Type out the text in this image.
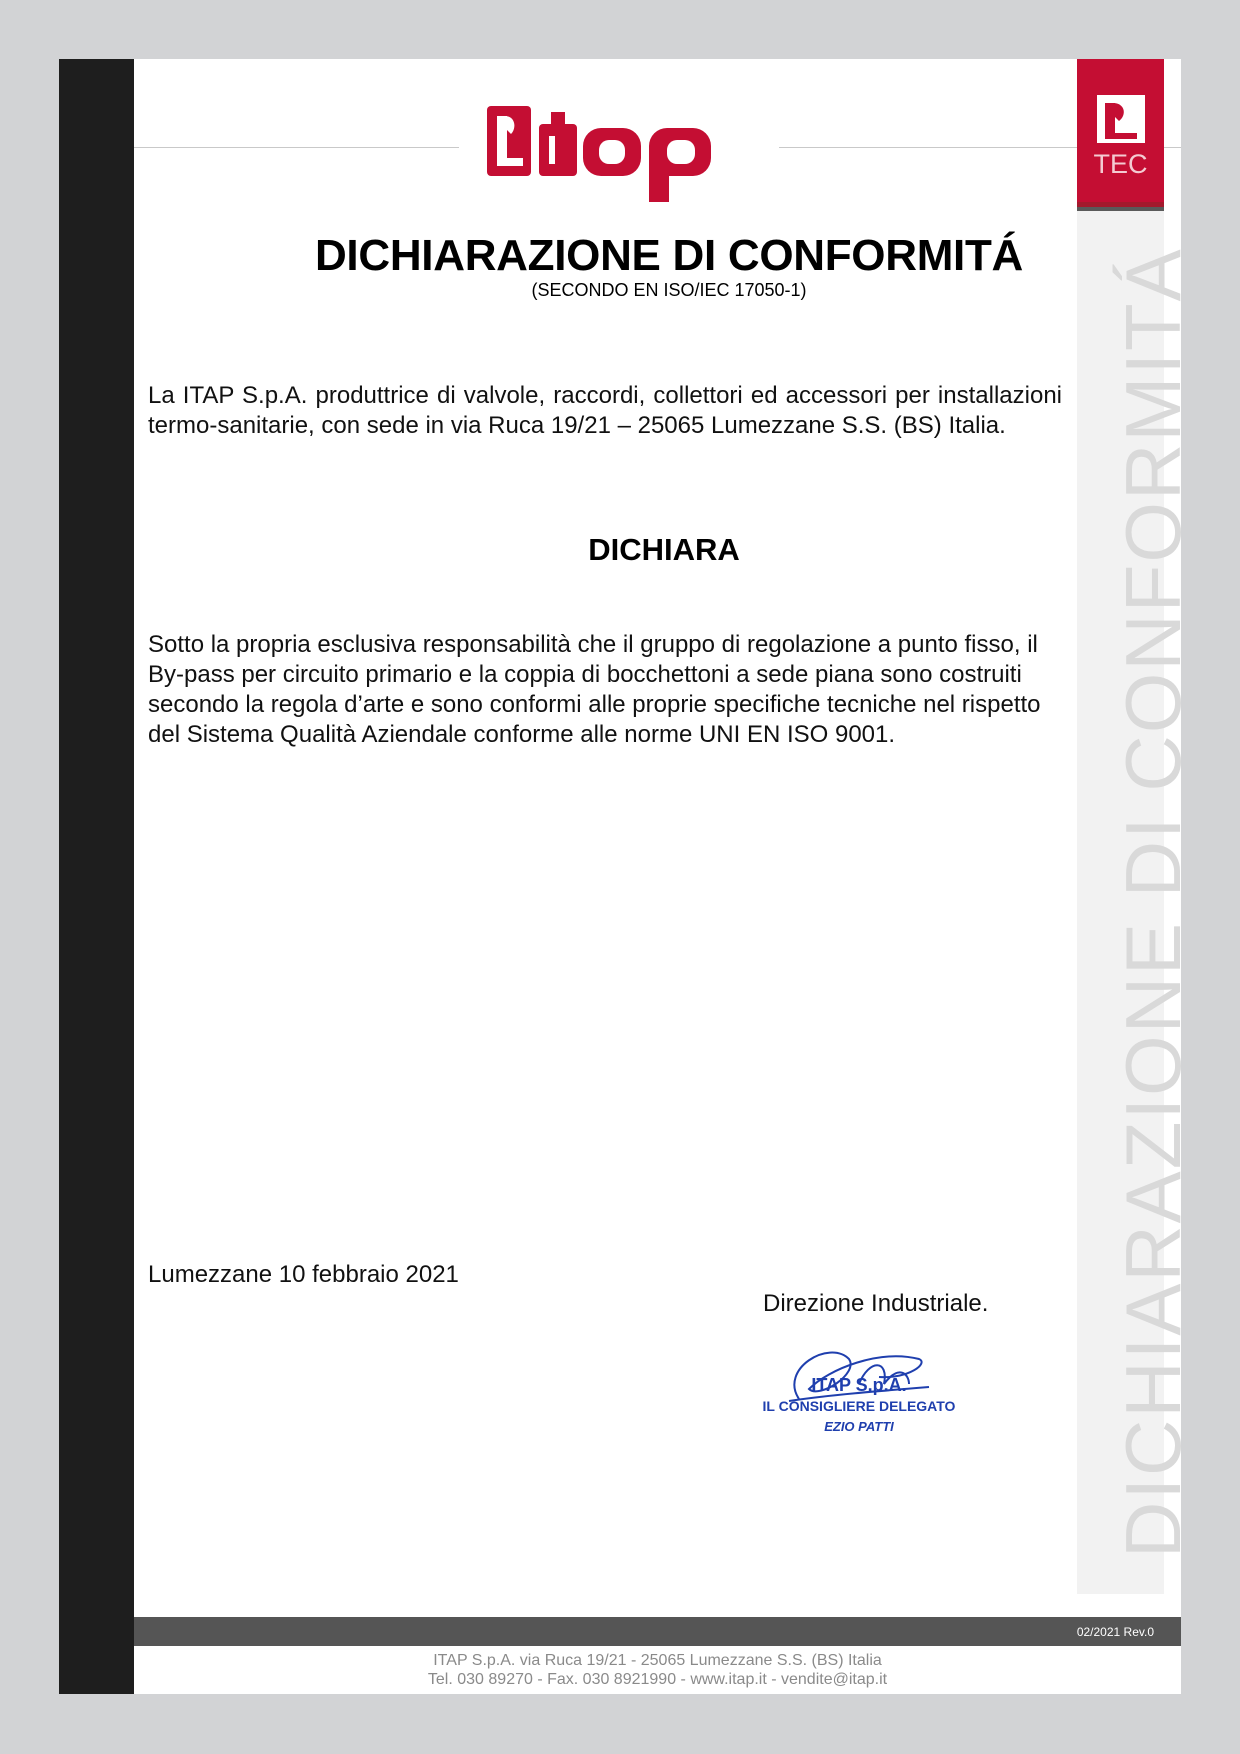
TEC
DICHIARAZIONE DI CONFORMITÁ
(SECONDO EN ISO/IEC 17050-1)
La ITAP S.p.A. produttrice di valvole, raccordi, collettori ed accessori per installazioni termo-sanitarie, con sede in via Ruca 19/21 – 25065 Lumezzane S.S. (BS) Italia.
DICHIARA
Sotto la propria esclusiva responsabilità che il gruppo di regolazione a punto fisso, il By-pass per circuito primario e la coppia di bocchettoni a sede piana sono costruiti secondo la regola d’arte e sono conformi alle proprie specifiche tecniche nel rispetto del Sistema Qualità Aziendale conforme alle norme UNI EN ISO 9001.
Lumezzane 10 febbraio 2021
Direzione Industriale.
ITAP S.p.A.
IL CONSIGLIERE DELEGATO
EZIO PATTI
02/2021 Rev.0
ITAP S.p.A. via Ruca 19/21 - 25065 Lumezzane S.S. (BS) Italia
Tel. 030 89270 - Fax. 030 8921990 - www.itap.it - vendite@itap.it
DICHIARAZIONE DI CONFORMITÁ
